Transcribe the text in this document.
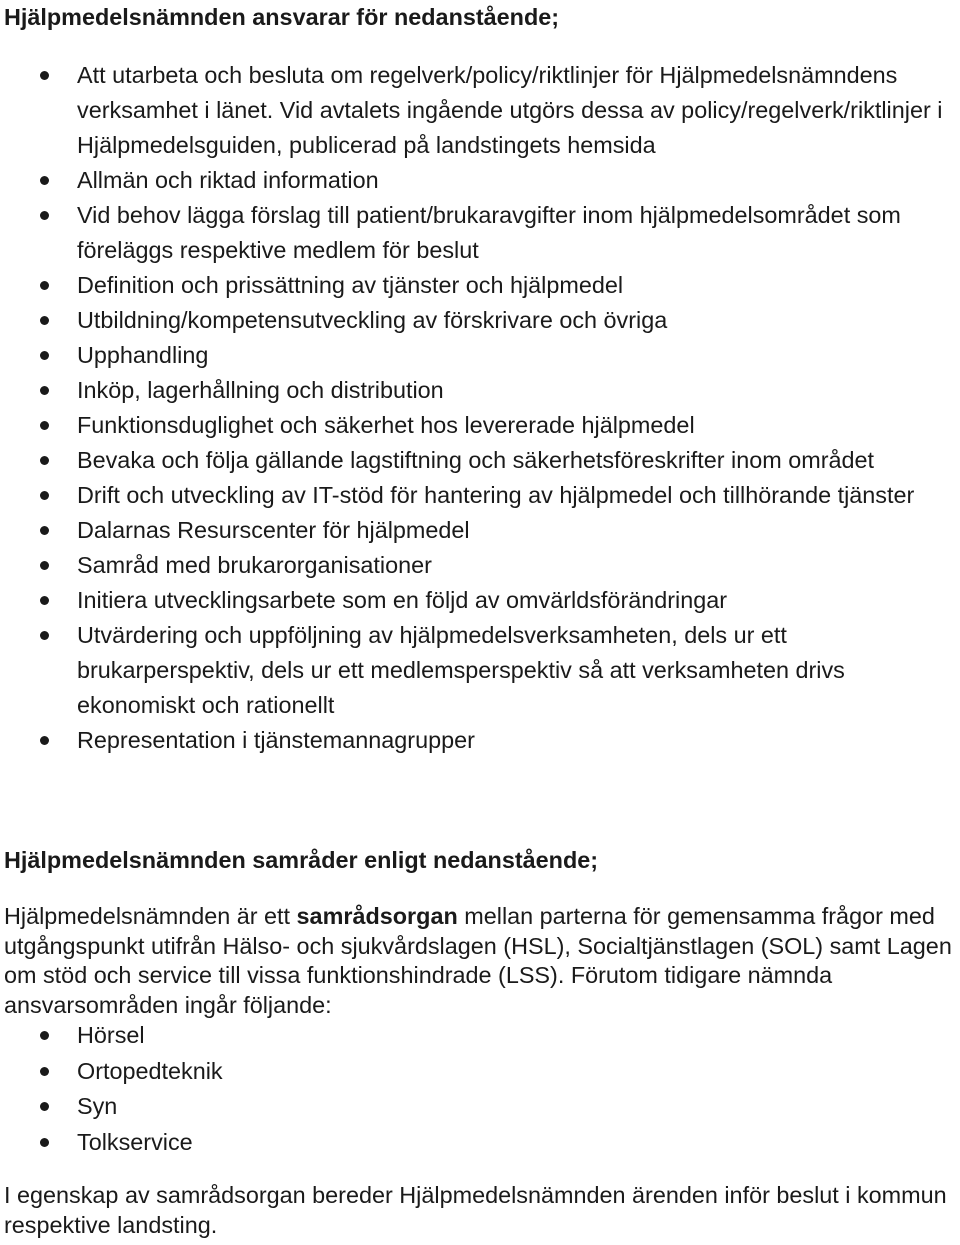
Hjälpmedelsnämnden ansvarar för nedanstående;
Att utarbeta och besluta om regelverk/policy/riktlinjer för Hjälpmedelsnämndens verksamhet i länet. Vid avtalets ingående utgörs dessa av policy/regelverk/riktlinjer i Hjälpmedelsguiden, publicerad på landstingets hemsida
Allmän och riktad information
Vid behov lägga förslag till patient/brukaravgifter inom hjälpmedelsområdet som föreläggs respektive medlem för beslut
Definition och prissättning av tjänster och hjälpmedel
Utbildning/kompetensutveckling av förskrivare och övriga
Upphandling
Inköp, lagerhållning och distribution
Funktionsduglighet och säkerhet hos levererade hjälpmedel
Bevaka och följa gällande lagstiftning och säkerhetsföreskrifter inom området
Drift och utveckling av IT-stöd för hantering av hjälpmedel och tillhörande tjänster
Dalarnas Resurscenter för hjälpmedel
Samråd med brukarorganisationer
Initiera utvecklingsarbete som en följd av omvärldsförändringar
Utvärdering och uppföljning av hjälpmedelsverksamheten, dels ur ett brukarperspektiv, dels ur ett medlemsperspektiv så att verksamheten drivs ekonomiskt och rationellt
Representation i tjänstemannagrupper
Hjälpmedelsnämnden samråder enligt nedanstående;

Hjälpmedelsnämnden är ett samrådsorgan mellan parterna för gemensamma frågor med utgångspunkt utifrån Hälso- och sjukvårdslagen (HSL), Socialtjänstlagen (SOL) samt Lagen om stöd och service till vissa funktionshindrade (LSS). Förutom tidigare nämnda ansvarsområden ingår följande:

Hörsel
Ortopedteknik
Syn
Tolkservice

I egenskap av samrådsorgan bereder Hjälpmedelsnämnden ärenden inför beslut i kommun respektive landsting.
